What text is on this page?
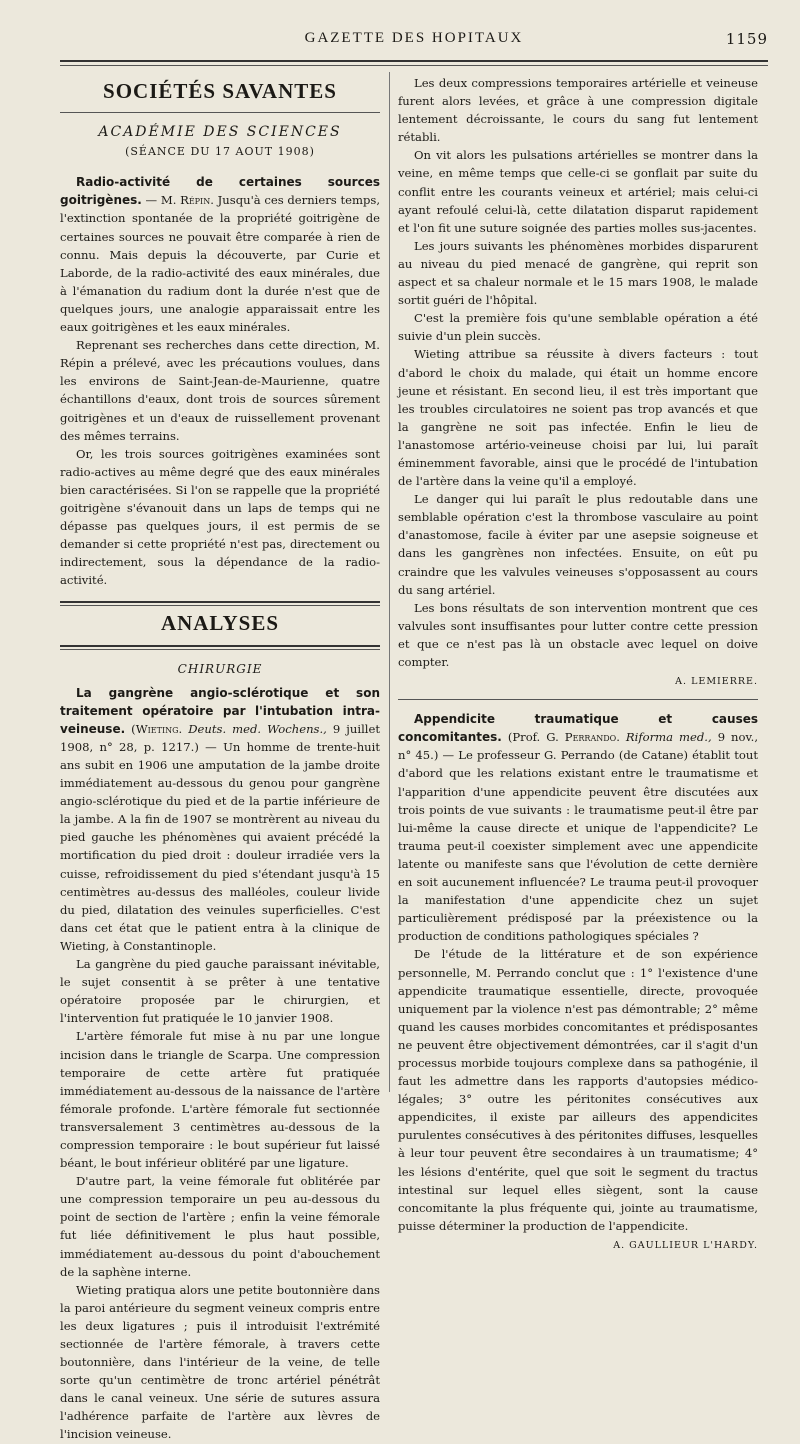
GAZETTE DES HOPITAUX	1159
SOCIÉTÉS SAVANTES
ACADÉMIE DES SCIENCES
(SÉANCE DU 17 AOUT 1908)

Radio-activité de certaines sources goitrigènes. — M. Répin. Jusqu'à ces derniers temps, l'extinction spontanée de la propriété goitrigène de certaines sources ne pouvait être comparée à rien de connu. Mais depuis la découverte, par Curie et Laborde, de la radio-activité des eaux minérales, due à l'émanation du radium dont la durée n'est que de quelques jours, une analogie apparaissait entre les eaux goitrigènes et les eaux minérales.

Reprenant ses recherches dans cette direction, M. Répin a prélevé, avec les précautions voulues, dans les environs de Saint-Jean-de-Maurienne, quatre échantillons d'eaux, dont trois de sources sûrement goitrigènes et un d'eaux de ruissellement provenant des mêmes terrains.

Or, les trois sources goitrigènes examinées sont radio-actives au même degré que des eaux minérales bien caractérisées. Si l'on se rappelle que la propriété goitrigène s'évanouit dans un laps de temps qui ne dépasse pas quelques jours, il est permis de se demander si cette propriété n'est pas, directement ou indirectement, sous la dépendance de la radio-activité.

ANALYSES
CHIRURGIE

La gangrène angio-sclérotique et son traitement opératoire par l'intubation intra-veineuse. (Wieting. Deuts. med. Wochens., 9 juillet 1908, n° 28, p. 1217.) — Un homme de trente-huit ans subit en 1906 une amputation de la jambe droite immédiatement au-dessous du genou pour gangrène angio-sclérotique du pied et de la partie inférieure de la jambe. A la fin de 1907 se montrèrent au niveau du pied gauche les phénomènes qui avaient précédé la mortification du pied droit : douleur irradiée vers la cuisse, refroidissement du pied s'étendant jusqu'à 15 centimètres au-dessus des malléoles, couleur livide du pied, dilatation des veinules superficielles. C'est dans cet état que le patient entra à la clinique de Wieting, à Constantinople.

La gangrène du pied gauche paraissant inévitable, le sujet consentit à se prêter à une tentative opératoire proposée par le chirurgien, et l'intervention fut pratiquée le 10 janvier 1908.

L'artère fémorale fut mise à nu par une longue incision dans le triangle de Scarpa. Une compression temporaire de cette artère fut pratiquée immédiatement au-dessous de la naissance de l'artère fémorale profonde. L'artère fémorale fut sectionnée transversalement 3 centimètres au-dessous de la compression temporaire : le bout supérieur fut laissé béant, le bout inférieur oblitéré par une ligature.

D'autre part, la veine fémorale fut oblitérée par une compression temporaire un peu au-dessous du point de section de l'artère ; enfin la veine fémorale fut liée définitivement le plus haut possible, immédiatement au-dessous du point d'abouchement de la saphène interne.

Wieting pratiqua alors une petite boutonnière dans la paroi antérieure du segment veineux compris entre les deux ligatures ; puis il introduisit l'extrémité sectionnée de l'artère fémorale, à travers cette boutonnière, dans l'intérieur de la veine, de telle sorte qu'un centimètre de tronc artériel pénétrât dans le canal veineux. Une série de sutures assura l'adhérence parfaite de l'artère aux lèvres de l'incision veineuse.

Les deux compressions temporaires artérielle et veineuse furent alors levées, et grâce à une compression digitale lentement décroissante, le cours du sang fut lentement rétabli.

On vit alors les pulsations artérielles se montrer dans la veine, en même temps que celle-ci se gonflait par suite du conflit entre les courants veineux et artériel; mais celui-ci ayant refoulé celui-là, cette dilatation disparut rapidement et l'on fit une suture soignée des parties molles sus-jacentes.

Les jours suivants les phénomènes morbides disparurent au niveau du pied menacé de gangrène, qui reprit son aspect et sa chaleur normale et le 15 mars 1908, le malade sortit guéri de l'hôpital.

C'est la première fois qu'une semblable opération a été suivie d'un plein succès.

Wieting attribue sa réussite à divers facteurs : tout d'abord le choix du malade, qui était un homme encore jeune et résistant. En second lieu, il est très important que les troubles circulatoires ne soient pas trop avancés et que la gangrène ne soit pas infectée. Enfin le lieu de l'anastomose artério-veineuse choisi par lui, lui paraît éminemment favorable, ainsi que le procédé de l'intubation de l'artère dans la veine qu'il a employé.

Le danger qui lui paraît le plus redoutable dans une semblable opération c'est la thrombose vasculaire au point d'anastomose, facile à éviter par une asepsie soigneuse et dans les gangrènes non infectées. Ensuite, on eût pu craindre que les valvules veineuses s'opposassent au cours du sang artériel.

Les bons résultats de son intervention montrent que ces valvules sont insuffisantes pour lutter contre cette pression et que ce n'est pas là un obstacle avec lequel on doive compter.

A. LEMIERRE.

Appendicite traumatique et causes concomitantes. (Prof. G. Perrando. Riforma med., 9 nov., n° 45.) — Le professeur G. Perrando (de Catane) établit tout d'abord que les relations existant entre le traumatisme et l'apparition d'une appendicite peuvent être discutées aux trois points de vue suivants : le traumatisme peut-il être par lui-même la cause directe et unique de l'appendicite? Le trauma peut-il coexister simplement avec une appendicite latente ou manifeste sans que l'évolution de cette dernière en soit aucunement influencée? Le trauma peut-il provoquer la manifestation d'une appendicite chez un sujet particulièrement prédisposé par la préexistence ou la production de conditions pathologiques spéciales ?

De l'étude de la littérature et de son expérience personnelle, M. Perrando conclut que : 1° l'existence d'une appendicite traumatique essentielle, directe, provoquée uniquement par la violence n'est pas démontrable; 2° même quand les causes morbides concomitantes et prédisposantes ne peuvent être objectivement démontrées, car il s'agit d'un processus morbide toujours complexe dans sa pathogénie, il faut les admettre dans les rapports d'autopsies médico-légales; 3° outre les péritonites consécutives aux appendicites, il existe par ailleurs des appendicites purulentes consécutives à des péritonites diffuses, lesquelles à leur tour peuvent être secondaires à un traumatisme; 4° les lésions d'entérite, quel que soit le segment du tractus intestinal sur lequel elles siègent, sont la cause concomitante la plus fréquente qui, jointe au traumatisme, puisse déterminer la production de l'appendicite.

A. GAULLIEUR L'HARDY.
